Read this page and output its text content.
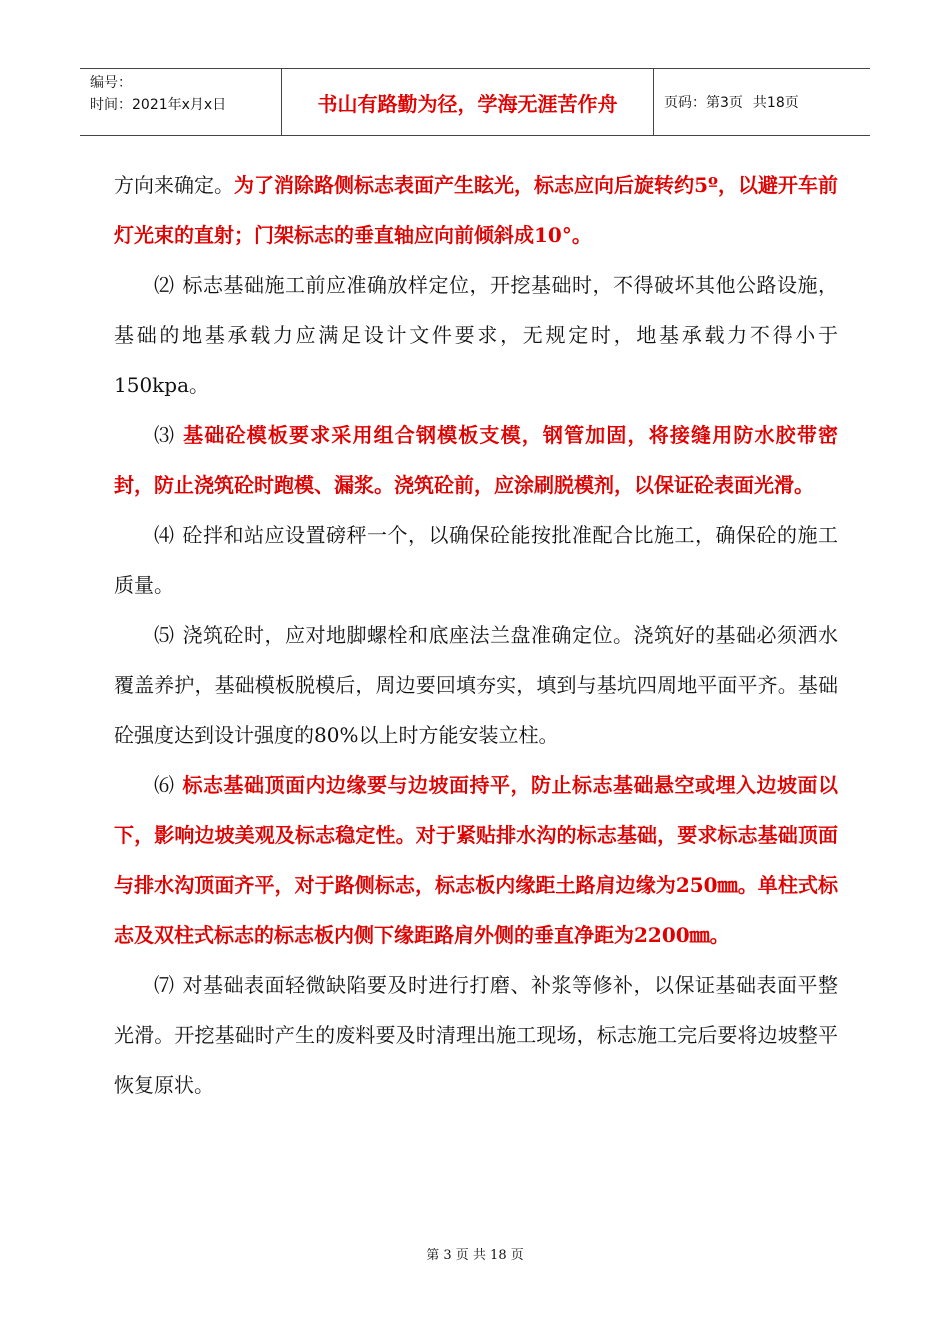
编号：
时间：2021年x月x日	书山有路勤为径，学海无涯苦作舟	页码： 第3页 共18页

方向来确定。为了消除路侧标志表面产生眩光，标志应向后旋转约5º，以避开车前灯光束的直射；门架标志的垂直轴应向前倾斜成10°。

⑵ 标志基础施工前应准确放样定位，开挖基础时，不得破坏其他公路设施，基础的地基承载力应满足设计文件要求，无规定时，地基承载力不得小于150kpa。

⑶ 基础砼模板要求采用组合钢模板支模，钢管加固，将接缝用防水胶带密封，防止浇筑砼时跑模、漏浆。浇筑砼前，应涂刷脱模剂，以保证砼表面光滑。

⑷ 砼拌和站应设置磅秤一个，以确保砼能按批准配合比施工，确保砼的施工质量。

⑸ 浇筑砼时，应对地脚螺栓和底座法兰盘准确定位。浇筑好的基础必须洒水覆盖养护，基础模板脱模后，周边要回填夯实，填到与基坑四周地平面平齐。基础砼强度达到设计强度的80%以上时方能安装立柱。

⑹ 标志基础顶面内边缘要与边坡面持平，防止标志基础悬空或埋入边坡面以下，影响边坡美观及标志稳定性。对于紧贴排水沟的标志基础，要求标志基础顶面与排水沟顶面齐平，对于路侧标志，标志板内缘距土路肩边缘为250㎜。单柱式标志及双柱式标志的标志板内侧下缘距路肩外侧的垂直净距为2200㎜。

⑺ 对基础表面轻微缺陷要及时进行打磨、补浆等修补，以保证基础表面平整光滑。开挖基础时产生的废料要及时清理出施工现场，标志施工完后要将边坡整平恢复原状。

第 3 页 共 18 页
